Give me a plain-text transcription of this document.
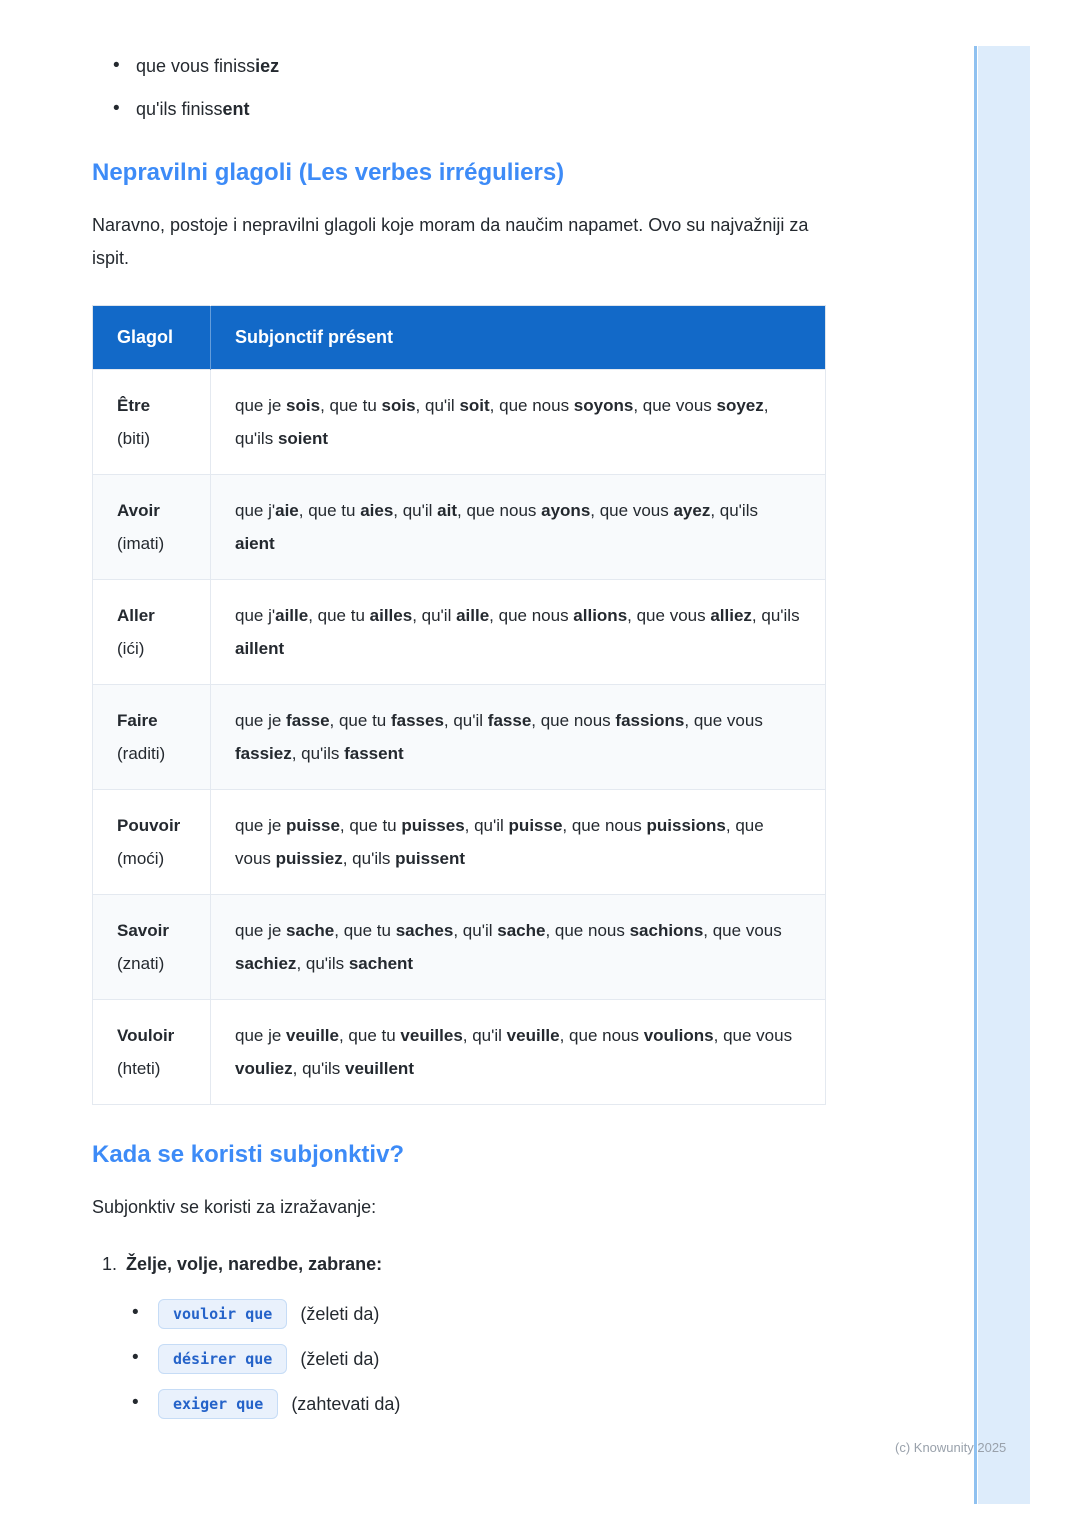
• que vous finissiez
• qu'ils finissent
Nepravilni glagoli (Les verbes irréguliers)

Naravno, postoje i nepravilni glagoli koje moram da naučim napamet. Ovo su najvažniji za ispit.

Glagol	Subjonctif présent

Être
(biti)	que je sois, que tu sois, qu'il soit, que nous soyons, que vous soyez, qu'ils soient

Avoir
(imati)	que j'aie, que tu aies, qu'il ait, que nous ayons, que vous ayez, qu'ils aient

Aller
(ići)	que j'aille, que tu ailles, qu'il aille, que nous allions, que vous alliez, qu'ils aillent

Faire
(raditi)	que je fasse, que tu fasses, qu'il fasse, que nous fassions, que vous fassiez, qu'ils fassent

Pouvoir
(moći)	que je puisse, que tu puisses, qu'il puisse, que nous puissions, que vous puissiez, qu'ils puissent

Savoir
(znati)	que je sache, que tu saches, qu'il sache, que nous sachions, que vous sachiez, qu'ils sachent

Vouloir
(hteti)	que je veuille, que tu veuilles, qu'il veuille, que nous voulions, que vous vouliez, qu'ils veuillent
Kada se koristi subjonktiv?

Subjonktiv se koristi za izražavanje:

1. Želje, volje, naredbe, zabrane:
• vouloir que	(želeti da)
• désirer que	(želeti da)
• exiger que	(zahtevati da)
(c) Knowunity 2025
